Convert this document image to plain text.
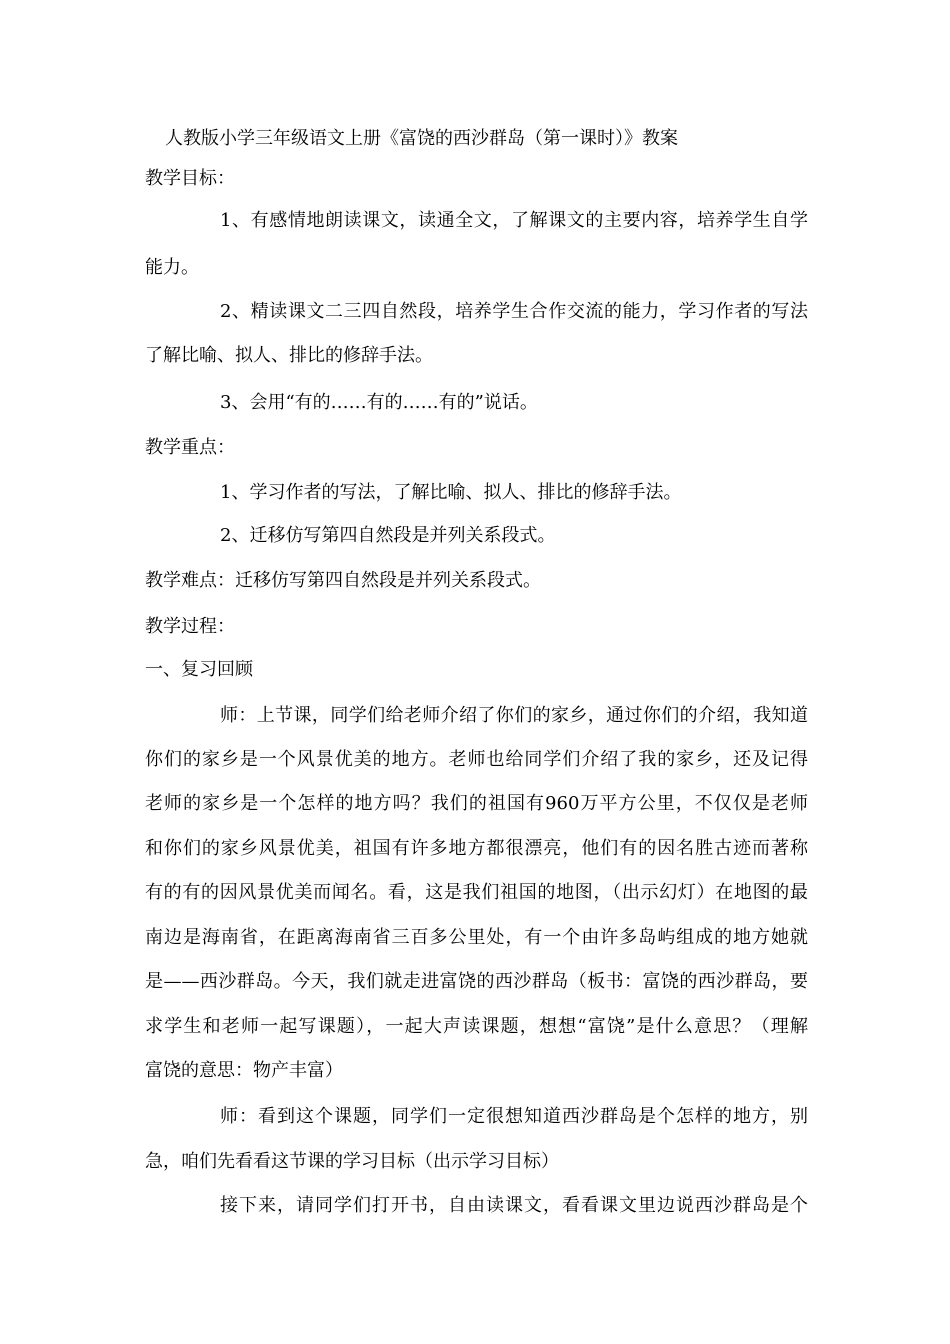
人教版小学三年级语文上册《富饶的西沙群岛（第一课时）》教案
教学目标：
1、有感情地朗读课文，读通全文，了解课文的主要内容，培养学生自学
能力。
2、精读课文二三四自然段，培养学生合作交流的能力，学习作者的写法
了解比喻、拟人、排比的修辞手法。
3、会用“有的……有的……有的”说话。
教学重点：
1、学习作者的写法，了解比喻、拟人、排比的修辞手法。
2、迁移仿写第四自然段是并列关系段式。
教学难点：迁移仿写第四自然段是并列关系段式。
教学过程：
一、复习回顾
师：上节课，同学们给老师介绍了你们的家乡，通过你们的介绍，我知道
你们的家乡是一个风景优美的地方。老师也给同学们介绍了我的家乡，还及记得
老师的家乡是一个怎样的地方吗？我们的祖国有960万平方公里，不仅仅是老师
和你们的家乡风景优美，祖国有许多地方都很漂亮，他们有的因名胜古迹而著称
有的有的因风景优美而闻名。看，这是我们祖国的地图，（出示幻灯）在地图的最
南边是海南省，在距离海南省三百多公里处，有一个由许多岛屿组成的地方她就
是——西沙群岛。今天，我们就走进富饶的西沙群岛（板书：富饶的西沙群岛，要
求学生和老师一起写课题），一起大声读课题，想想“富饶”是什么意思？（理解
富饶的意思：物产丰富）
师：看到这个课题，同学们一定很想知道西沙群岛是个怎样的地方，别
急，咱们先看看这节课的学习目标（出示学习目标）
接下来，请同学们打开书，自由读课文，看看课文里边说西沙群岛是个
